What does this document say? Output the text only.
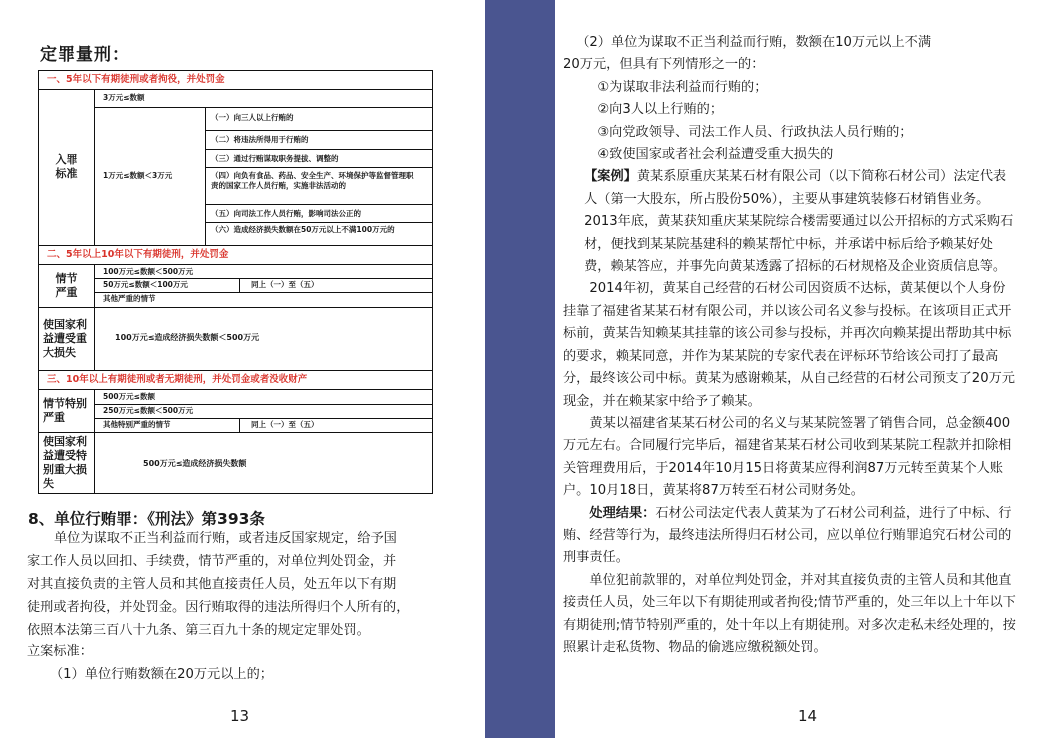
定罪量刑：
一、5年以下有期徒刑或者拘役，并处罚金
入罪
标准
3万元≤数额
1万元≤数额＜3万元
（一）向三人以上行贿的
（二）将违法所得用于行贿的
（三）通过行贿谋取职务提拔、调整的
（四）向负有食品、药品、安全生产、环境保护等监督管理职责的国家工作人员行贿，实施非法活动的
（五）向司法工作人员行贿，影响司法公正的
（六）造成经济损失数额在50万元以上不满100万元的
二、5年以上10年以下有期徒刑，并处罚金
情节
严重
100万元≤数额＜500万元
50万元≤数额＜100万元	同上（一）至（五）
其他严重的情节
使国家利
益遭受重
大损失
100万元≤造成经济损失数额＜500万元
三、10年以上有期徒刑或者无期徒刑，并处罚金或者没收财产
情节特别
严重
500万元≤数额
250万元≤数额＜500万元
其他特别严重的情节	同上（一）至（五）
使国家利
益遭受特
别重大损
失
500万元≤造成经济损失数额
8、单位行贿罪：《刑法》第393条
单位为谋取不正当利益而行贿，或者违反国家规定，给予国
家工作人员以回扣、手续费，情节严重的，对单位判处罚金，并
对其直接负责的主管人员和其他直接责任人员，处五年以下有期
徒刑或者拘役，并处罚金。因行贿取得的违法所得归个人所有的，
依照本法第三百八十九条、第三百九十条的规定定罪处罚。
立案标准：
（1）单位行贿数额在20万元以上的；
13

（2）单位为谋取不正当利益而行贿，数额在10万元以上不满

20万元，但具有下列情形之一的：

①为谋取非法利益而行贿的；

②向3人以上行贿的；

③向党政领导、司法工作人员、行政执法人员行贿的；

④致使国家或者社会利益遭受重大损失的

【案例】黄某系原重庆某某石材有限公司（以下简称石材公司）法定代表人（第一大股东，所占股份50%），主要从事建筑装修石材销售业务。2013年底，黄某获知重庆某某院综合楼需要通过以公开招标的方式采购石材，便找到某某院基建科的赖某帮忙中标，并承诺中标后给予赖某好处费，赖某答应，并事先向黄某透露了招标的石材规格及企业资质信息等。

2014年初，黄某自己经营的石材公司因资质不达标，黄某便以个人身份挂靠了福建省某某石材有限公司，并以该公司名义参与投标。在该项目正式开标前，黄某告知赖某其挂靠的该公司参与投标，并再次向赖某提出帮助其中标的要求，赖某同意，并作为某某院的专家代表在评标环节给该公司打了最高分，最终该公司中标。黄某为感谢赖某，从自己经营的石材公司预支了20万元现金，并在赖某家中给予了赖某。

黄某以福建省某某石材公司的名义与某某院签署了销售合同，总金额400万元左右。合同履行完毕后，福建省某某石材公司收到某某院工程款并扣除相关管理费用后，于2014年10月15日将黄某应得利润87万元转至黄某个人账户。10月18日，黄某将87万转至石材公司财务处。

处理结果：石材公司法定代表人黄某为了石材公司利益，进行了中标、行贿、经营等行为，最终违法所得归石材公司，应以单位行贿罪追究石材公司的刑事责任。

单位犯前款罪的，对单位判处罚金，并对其直接负责的主管人员和其他直接责任人员，处三年以下有期徒刑或者拘役;情节严重的，处三年以上十年以下有期徒刑;情节特别严重的，处十年以上有期徒刑。对多次走私未经处理的，按照累计走私货物、物品的偷逃应缴税额处罚。

14
